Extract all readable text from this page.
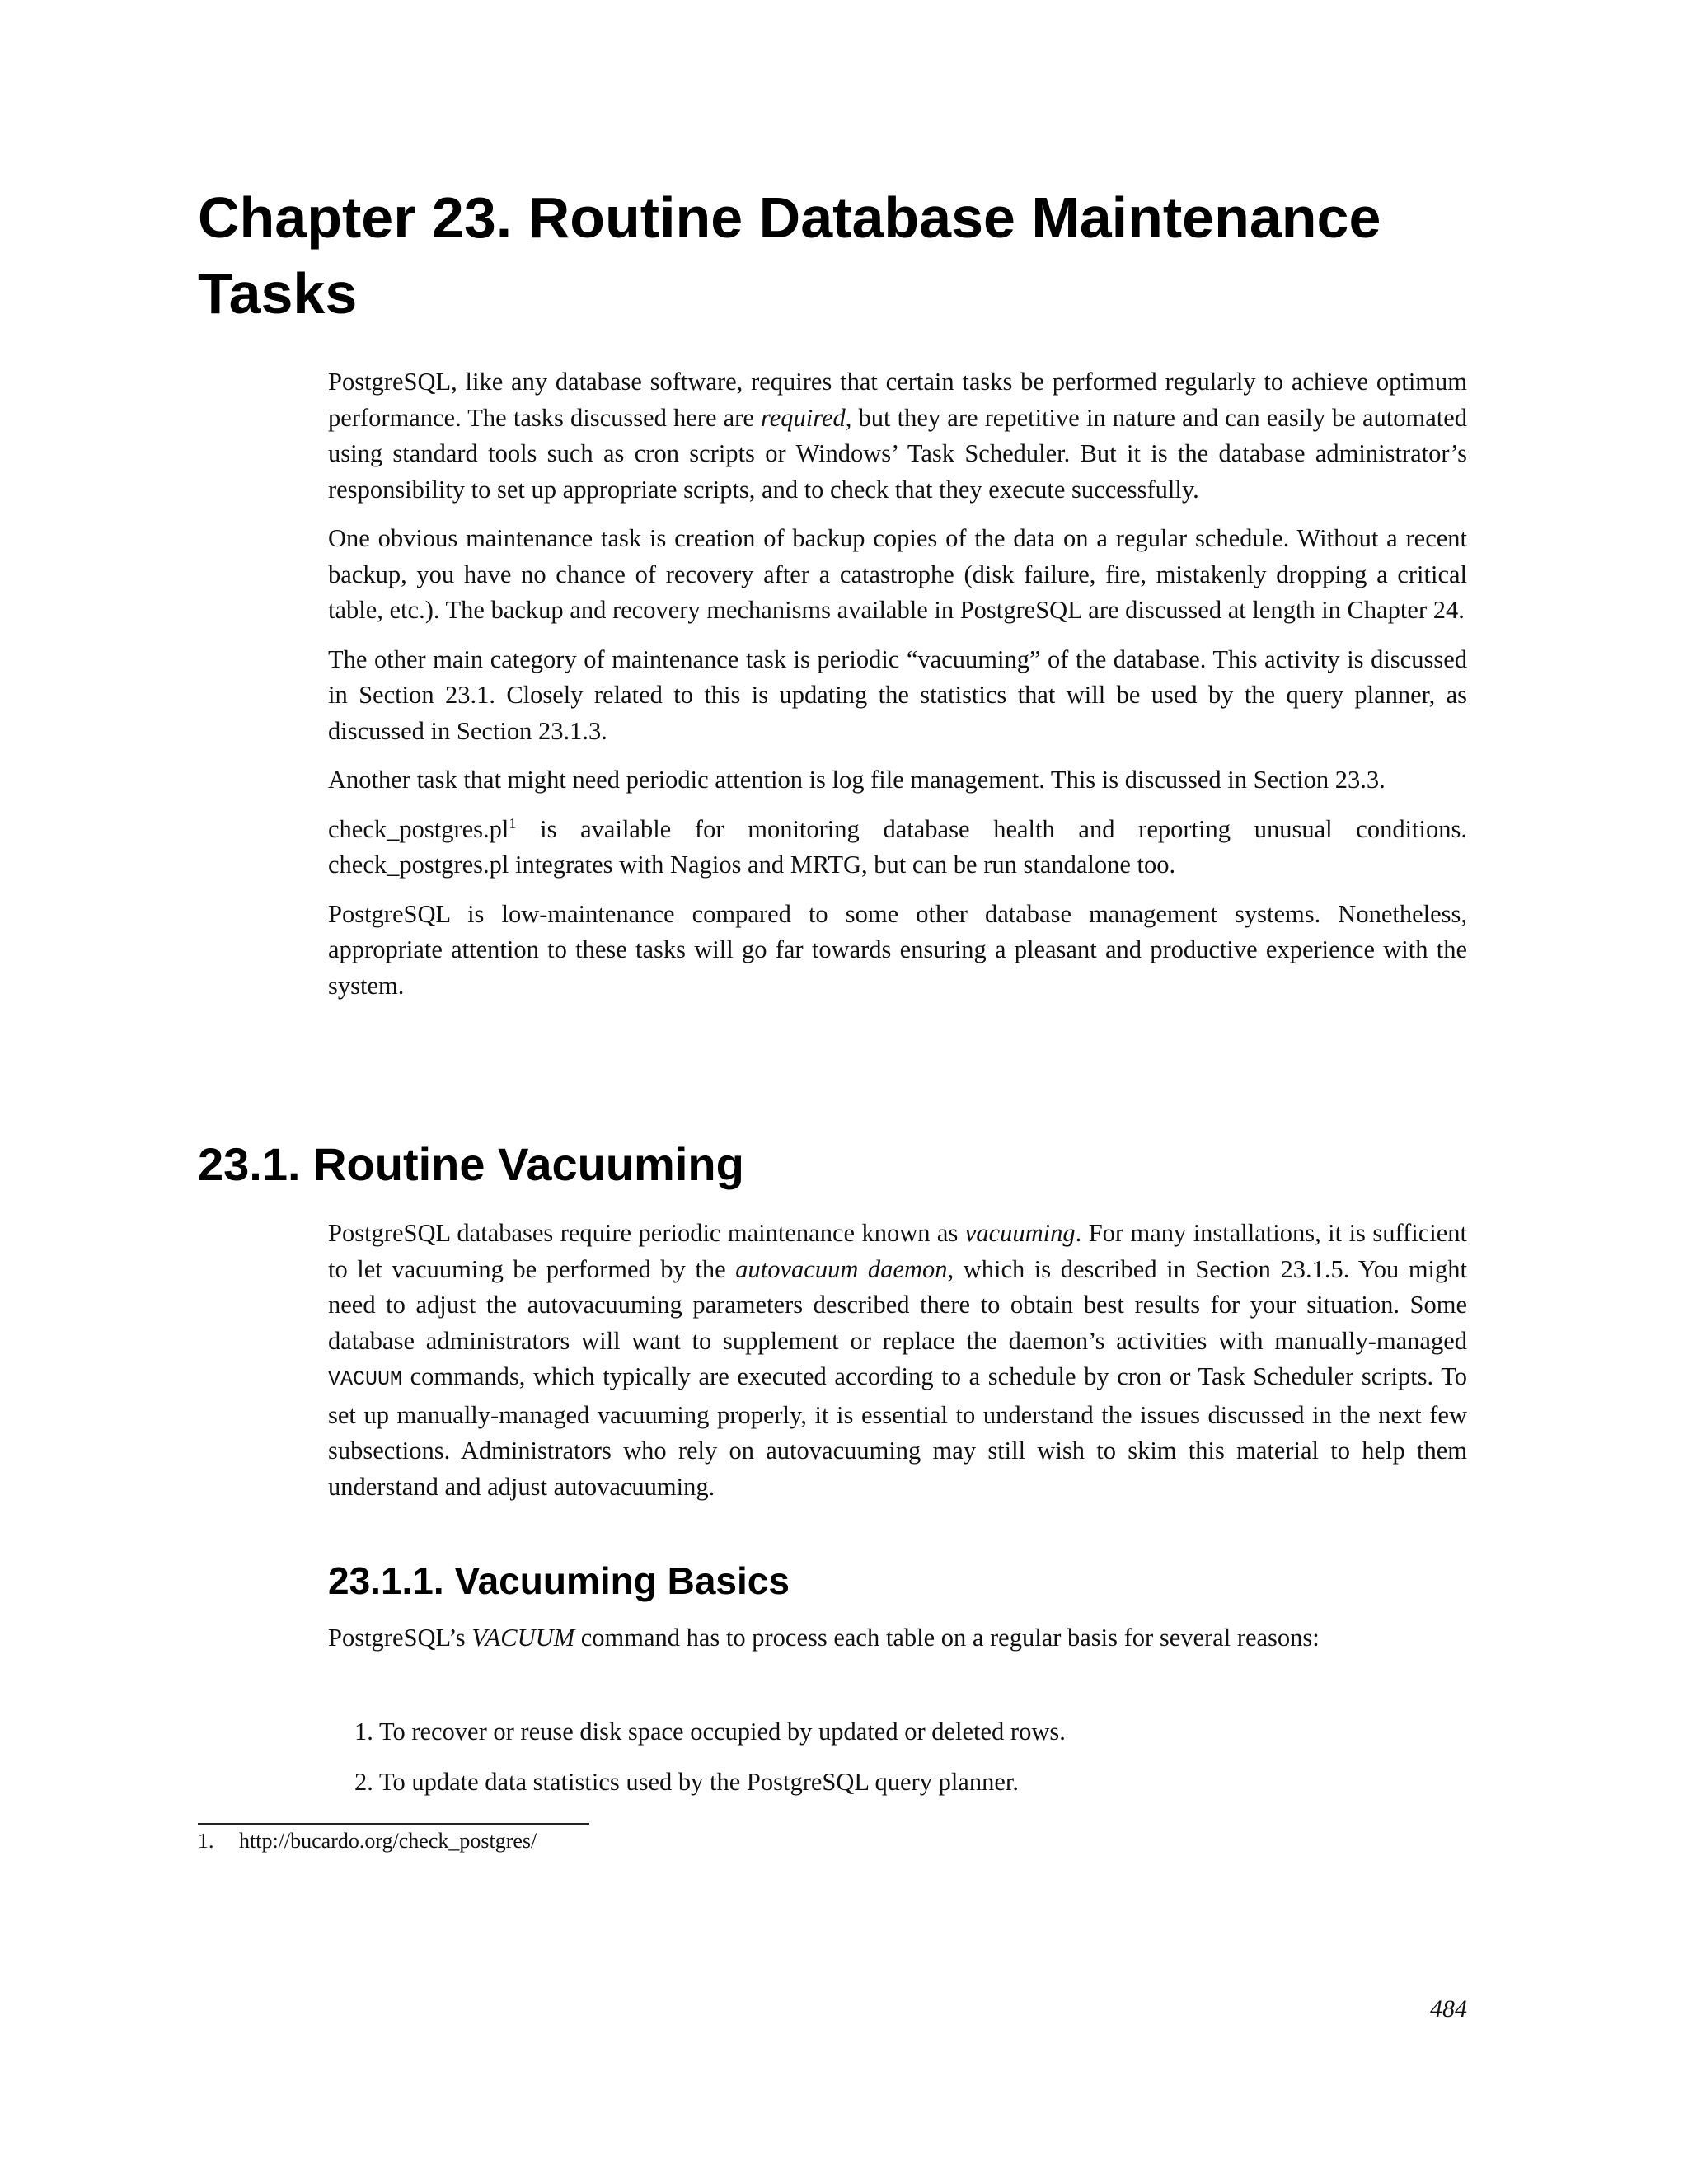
Chapter 23. Routine Database Maintenance Tasks

PostgreSQL, like any database software, requires that certain tasks be performed regularly to achieve optimum performance. The tasks discussed here are required, but they are repetitive in nature and can easily be automated using standard tools such as cron scripts or Windows’ Task Scheduler. But it is the database administrator’s responsibility to set up appropriate scripts, and to check that they execute successfully.

One obvious maintenance task is creation of backup copies of the data on a regular schedule. Without a recent backup, you have no chance of recovery after a catastrophe (disk failure, fire, mistakenly dropping a critical table, etc.). The backup and recovery mechanisms available in PostgreSQL are discussed at length in Chapter 24.

The other main category of maintenance task is periodic “vacuuming” of the database. This activity is discussed in Section 23.1. Closely related to this is updating the statistics that will be used by the query planner, as discussed in Section 23.1.3.

Another task that might need periodic attention is log file management. This is discussed in Section 23.3.

$check\_postgres.pl^1$ is available for monitoring database health and reporting unusual conditions. check_postgres.pl integrates with Nagios and MRTG, but can be run standalone too.

PostgreSQL is low-maintenance compared to some other database management systems. Nonetheless, appropriate attention to these tasks will go far towards ensuring a pleasant and productive experience with the system.

23.1. Routine Vacuuming

PostgreSQL databases require periodic maintenance known as vacuuming. For many installations, it is sufficient to let vacuuming be performed by the autovacuum daemon, which is described in Section 23.1.5. You might need to adjust the autovacuuming parameters described there to obtain best results for your situation. Some database administrators will want to supplement or replace the daemon’s activities with manually-managed VACUUM commands, which typically are executed according to a schedule by cron or Task Scheduler scripts. To set up manually-managed vacuuming properly, it is essential to understand the issues discussed in the next few subsections. Administrators who rely on autovacuuming may still wish to skim this material to help them understand and adjust autovacuuming.

23.1.1. Vacuuming Basics

PostgreSQL’s VACUUM command has to process each table on a regular basis for several reasons:

1. To recover or reuse disk space occupied by updated or deleted rows.
2. To update data statistics used by the PostgreSQL query planner.
1. http://bucardo.org/check_postgres/
484
